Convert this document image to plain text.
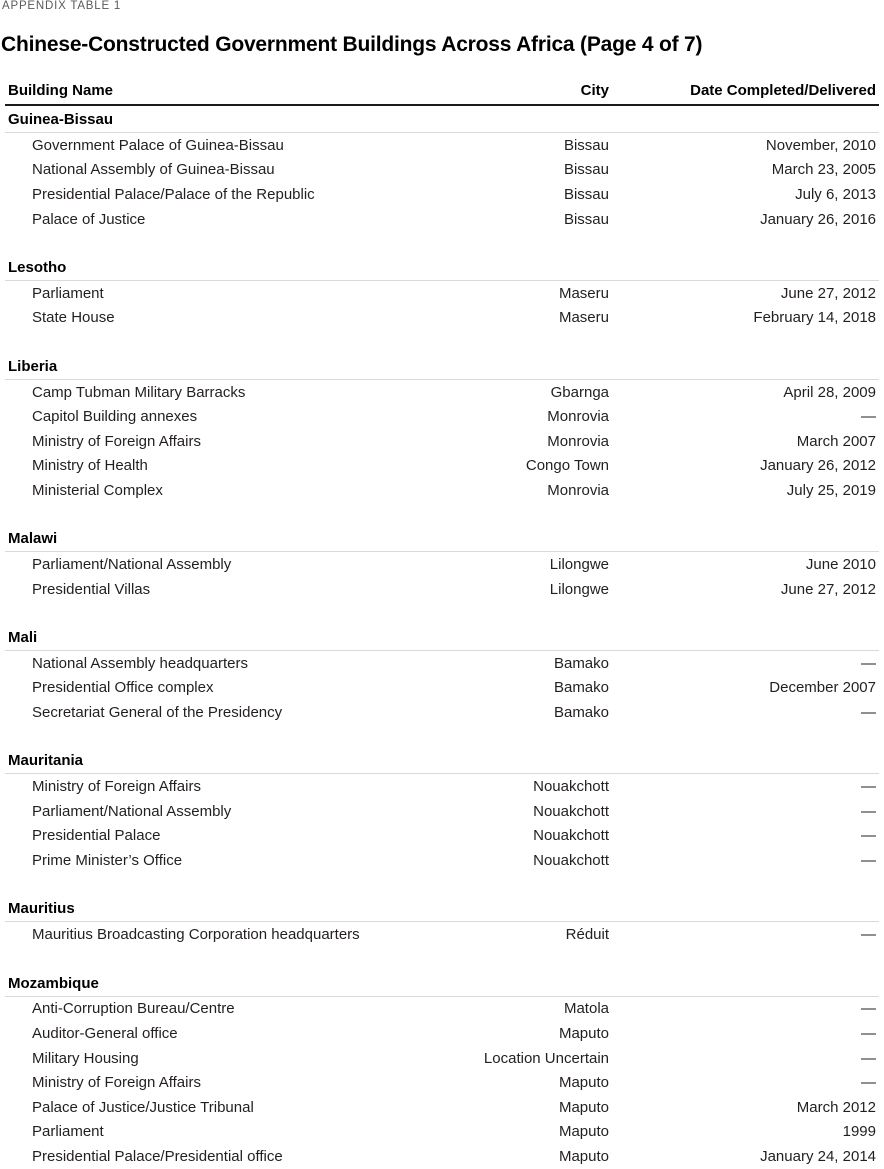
APPENDIX TABLE 1
Chinese-Constructed Government Buildings Across Africa (Page 4 of 7)
Building Name	City	Date Completed/Delivered
Guinea-Bissau
Government Palace of Guinea-Bissau	Bissau	November, 2010
National Assembly of Guinea-Bissau	Bissau	March 23, 2005
Presidential Palace/Palace of the Republic	Bissau	July 6, 2013
Palace of Justice	Bissau	January 26, 2016
Lesotho
Parliament	Maseru	June 27, 2012
State House	Maseru	February 14, 2018
Liberia
Camp Tubman Military Barracks	Gbarnga	April 28, 2009
Capitol Building annexes	Monrovia	—
Ministry of Foreign Affairs	Monrovia	March 2007
Ministry of Health	Congo Town	January 26, 2012
Ministerial Complex	Monrovia	July 25, 2019
Malawi
Parliament/National Assembly	Lilongwe	June 2010
Presidential Villas	Lilongwe	June 27, 2012
Mali
National Assembly headquarters	Bamako	—
Presidential Office complex	Bamako	December 2007
Secretariat General of the Presidency	Bamako	—
Mauritania
Ministry of Foreign Affairs	Nouakchott	—
Parliament/National Assembly	Nouakchott	—
Presidential Palace	Nouakchott	—
Prime Minister’s Office	Nouakchott	—
Mauritius
Mauritius Broadcasting Corporation headquarters	Réduit	—
Mozambique
Anti-Corruption Bureau/Centre	Matola	—
Auditor-General office	Maputo	—
Military Housing	Location Uncertain	—
Ministry of Foreign Affairs	Maputo	—
Palace of Justice/Justice Tribunal	Maputo	March 2012
Parliament	Maputo	1999
Presidential Palace/Presidential office	Maputo	January 24, 2014
